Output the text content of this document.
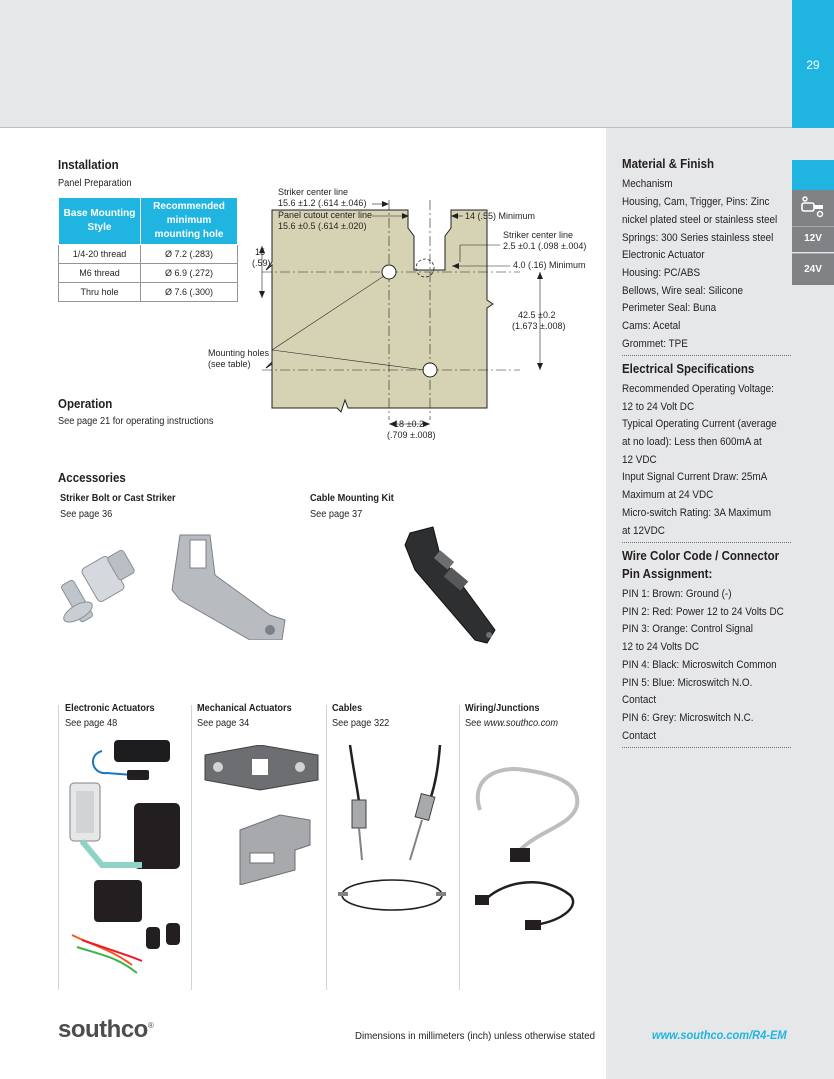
29
12V
24V
Installation
Panel Preparation
Base Mounting Style	Recommended minimum mounting hole
1/4-20 thread	Ø 7.2 (.283)
M6 thread	Ø 6.9 (.272)
Thru hole	Ø 7.6 (.300)
Striker center line
15.6 ±1.2 (.614 ±.046)
Panel cutout center line
15.6 ±0.5 (.614 ±.020)
14 (.55) Minimum
Striker center line
2.5 ±0.1 (.098 ±.004)
4.0 (.16) Minimum
15
(.59)
42.5 ±0.2
(1.673 ±.008)
Mounting holes
(see table)
18 ±0.2
(.709 ±.008)
Operation
See page 21 for operating instructions
Accessories
Striker Bolt or Cast Striker
See page 36
Cable Mounting Kit
See page 37
Electronic Actuators
See page 48
Mechanical Actuators
See page 34
Cables
See page 322
Wiring/Junctions
See www.southco.com
Material & Finish
Mechanism
Housing, Cam, Trigger, Pins: Zinc
nickel plated steel or stainless steel
Springs: 300 Series stainless steel
Electronic Actuator
Housing: PC/ABS
Bellows, Wire seal: Silicone
Perimeter Seal: Buna
Cams: Acetal
Grommet: TPE
Electrical Specifications
Recommended Operating Voltage:
12 to 24 Volt DC
Typical Operating Current (average
at no load): Less then 600mA at
12 VDC
Input Signal Current Draw: 25mA
Maximum at 24 VDC
Micro-switch Rating: 3A Maximum
at 12VDC
Wire Color Code / Connector
Pin Assignment:
PIN 1: Brown: Ground (-)
PIN 2: Red: Power 12 to 24 Volts DC
PIN 3: Orange: Control Signal
12 to 24 Volts DC
PIN 4: Black: Microswitch Common
PIN 5: Blue: Microswitch N.O.
Contact
PIN 6: Grey: Microswitch N.C.
Contact
southco®
Dimensions in millimeters (inch) unless otherwise stated	www.southco.com/R4-EM
